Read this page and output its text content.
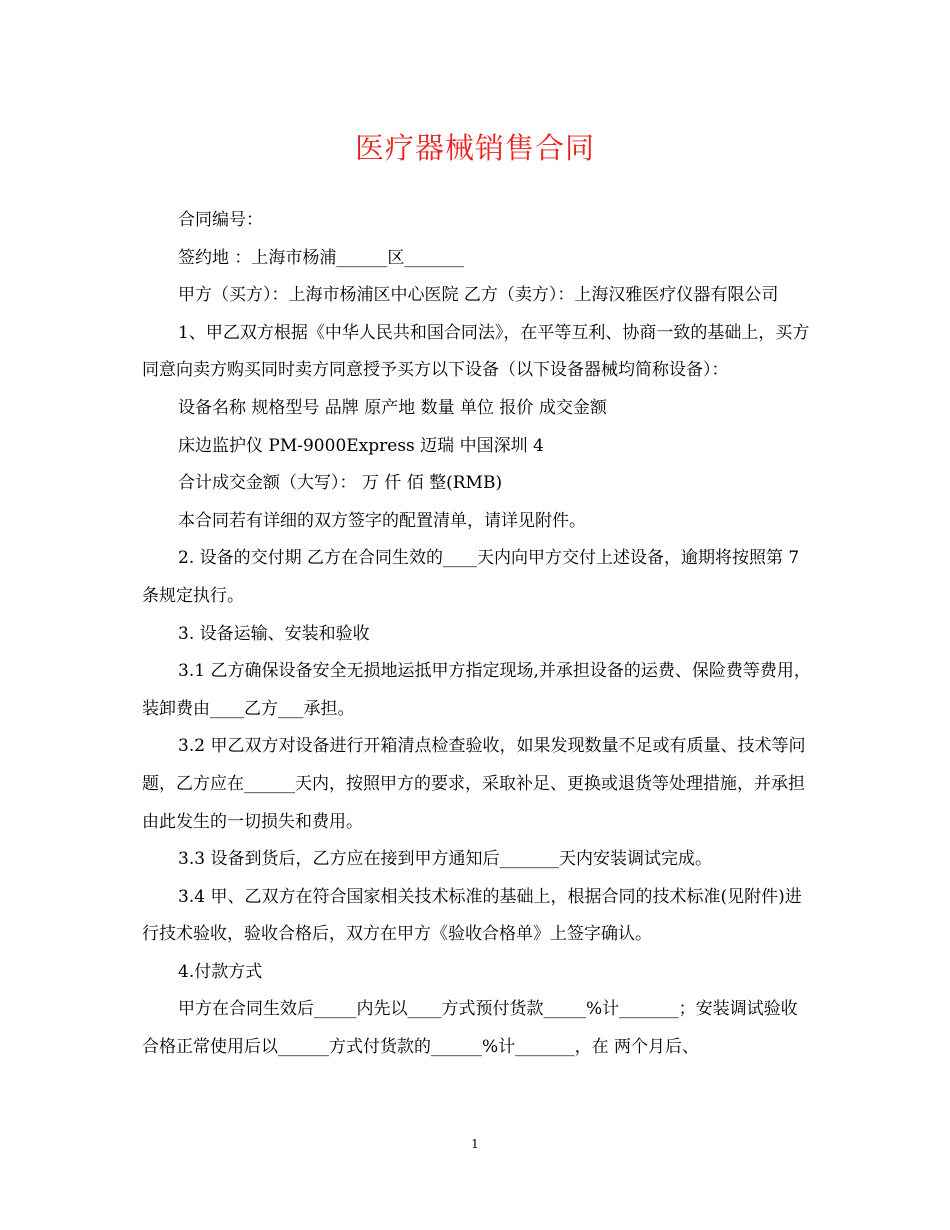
医疗器械销售合同

合同编号：

签约地 ：上海市杨浦______区_______

甲方（买方）：上海市杨浦区中心医院 乙方（卖方）：上海汉雅医疗仪器有限公司

1、甲乙双方根据《中华人民共和国合同法》，在平等互利、协商一致的基础上，买方同意向卖方购买同时卖方同意授予买方以下设备（以下设备器械均简称设备）：

设备名称 规格型号 品牌 原产地 数量 单位 报价 成交金额

床边监护仪 PM-9000Express 迈瑞 中国深圳 4

合计成交金额（大写）： 万 仟 佰 整(RMB)

本合同若有详细的双方签字的配置清单，请详见附件。

2. 设备的交付期 乙方在合同生效的____天内向甲方交付上述设备，逾期将按照第 7 条规定执行。

3. 设备运输、安装和验收

3.1 乙方确保设备安全无损地运抵甲方指定现场,并承担设备的运费、保险费等费用，装卸费由____乙方___承担。

3.2 甲乙双方对设备进行开箱清点检查验收，如果发现数量不足或有质量、技术等问题，乙方应在______天内，按照甲方的要求，采取补足、更换或退货等处理措施，并承担由此发生的一切损失和费用。

3.3 设备到货后，乙方应在接到甲方通知后_______天内安装调试完成。

3.4 甲、乙双方在符合国家相关技术标准的基础上，根据合同的技术标准(见附件)进行技术验收，验收合格后，双方在甲方《验收合格单》上签字确认。

4.付款方式

甲方在合同生效后_____内先以____方式预付货款_____%计_______；安装调试验收合格正常使用后以______方式付货款的______%计_______，在 两个月后、

1
